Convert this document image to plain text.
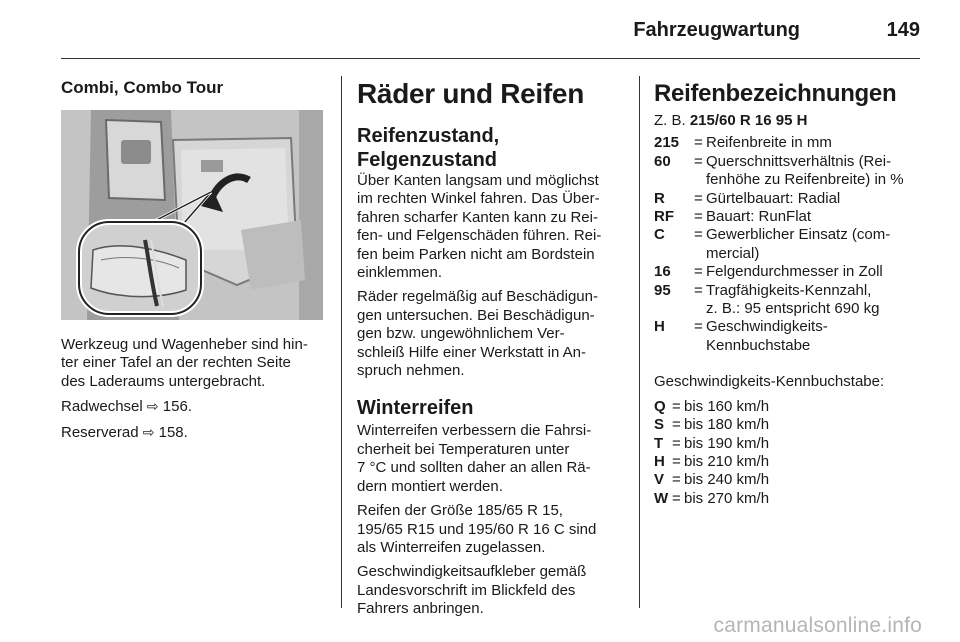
Fahrzeugwartung	149
Combi, Combo Tour

Werkzeug und Wagenheber sind hin-
ter einer Tafel an der rechten Seite
des Laderaums untergebracht.

Radwechsel ⇨ 156.

Reserverad ⇨ 158.

Räder und Reifen
Reifenzustand, Felgenzustand

Über Kanten langsam und möglichst
im rechten Winkel fahren. Das Über-
fahren scharfer Kanten kann zu Rei-
fen- und Felgenschäden führen. Rei-
fen beim Parken nicht am Bordstein
einklemmen.

Räder regelmäßig auf Beschädigun-
gen untersuchen. Bei Beschädigun-
gen bzw. ungewöhnlichem Ver-
schleiß Hilfe einer Werkstatt in An-
spruch nehmen.

Winterreifen

Winterreifen verbessern die Fahrsi-
cherheit bei Temperaturen unter
7 °C und sollten daher an allen Rä-
dern montiert werden.

Reifen der Größe 185/65 R 15,
195/65 R15 und 195/60 R 16 C sind
als Winterreifen zugelassen.

Geschwindigkeitsaufkleber gemäß
Landesvorschrift im Blickfeld des
Fahrers anbringen.

Reifenbezeichnungen

Z. B. 215/60 R 16 95 H

215 = Reifenbreite in mm
60	= Querschnittsverhältnis (Rei-
fenhöhe zu Reifenbreite) in %
R	= Gürtelbauart: Radial
RF	= Bauart: RunFlat
C	= Gewerblicher Einsatz (com-
mercial)
16	= Felgendurchmesser in Zoll
95	= Tragfähigkeits-Kennzahl,
z. B.: 95 entspricht 690 kg
H	= Geschwindigkeits-
Kennbuchstabe

Geschwindigkeits-Kennbuchstabe:

Q = bis 160 km/h
S = bis 180 km/h
T = bis 190 km/h
H = bis 210 km/h
V = bis 240 km/h
W = bis 270 km/h
carmanualsonline.info
